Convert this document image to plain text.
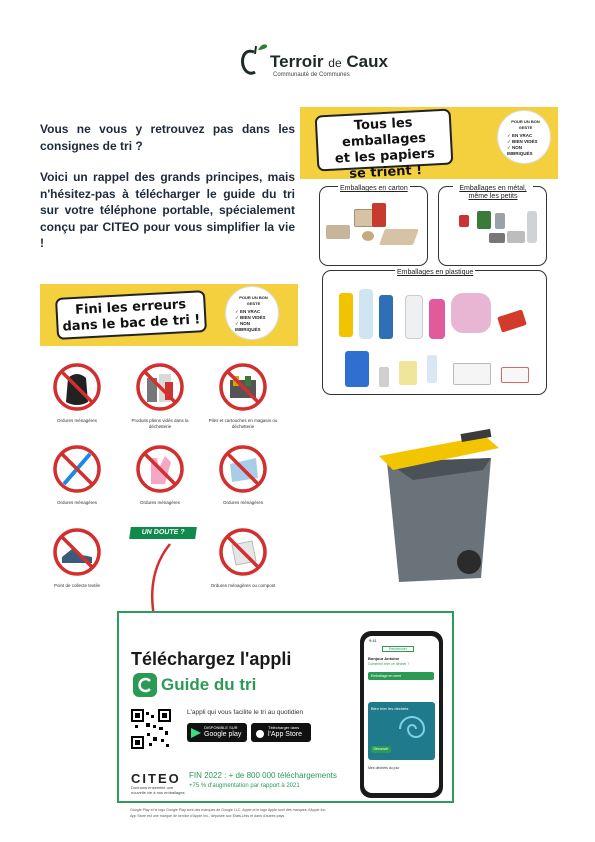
Terroir de Caux
Communauté de Communes

Vous ne vous y retrouvez pas dans les consignes de tri ?

Voici un rappel des grands principes, mais n'hésitez-pas à télécharger le guide du tri sur votre téléphone portable, spécialement conçu par CITEO pour vous simplifier la vie !

Tous les emballages
et les papiers
se trient !
POUR UN BON GESTE
✓ EN VRAC
✓ BIEN VIDÉS
✓ NON IMBRIQUÉS
Emballages en carton	Emballages en métal, même les petits
Emballages en plastique
Fini les erreurs
dans le bac de tri !
POUR UN BON GESTE
✓ EN VRAC
✓ BIEN VIDÉS
✓ NON IMBRIQUÉS
Ordures ménagères	Produits pleins vidés dans la déchetterie
Piles et cartouches en magasin ou déchetterie
Ordures ménagères	Ordures ménagères	Ordures ménagères
UN DOUTE ?
Point de collecte textile	Ordures ménagères ou compost
Téléchargez l'appli
Guide du tri
L'appli qui vous facilite le tri au quotidien
DISPONIBLE SUR
Google play
Télécharger dans
l'App Store
CITEO
Donnons ensemble une
nouvelle vie à nos emballages
FIN 2022 : + de 800 000 téléchargements
+75 % d'augmentation par rapport à 2021
Google Play et le logo Google Play sont des marques de Google LLC. Apple et le logo Apple sont des marques d'Apple Inc.
App Store est une marque de service d'Apple Inc., déposée aux États-Unis et dans d'autres pays.
9:41
Rechercher
Bonjour Antoine
Comment trier ce déchet ?
Emballage en verre
Bien trier les déchets
Découvrir
Mes déchets du jour
